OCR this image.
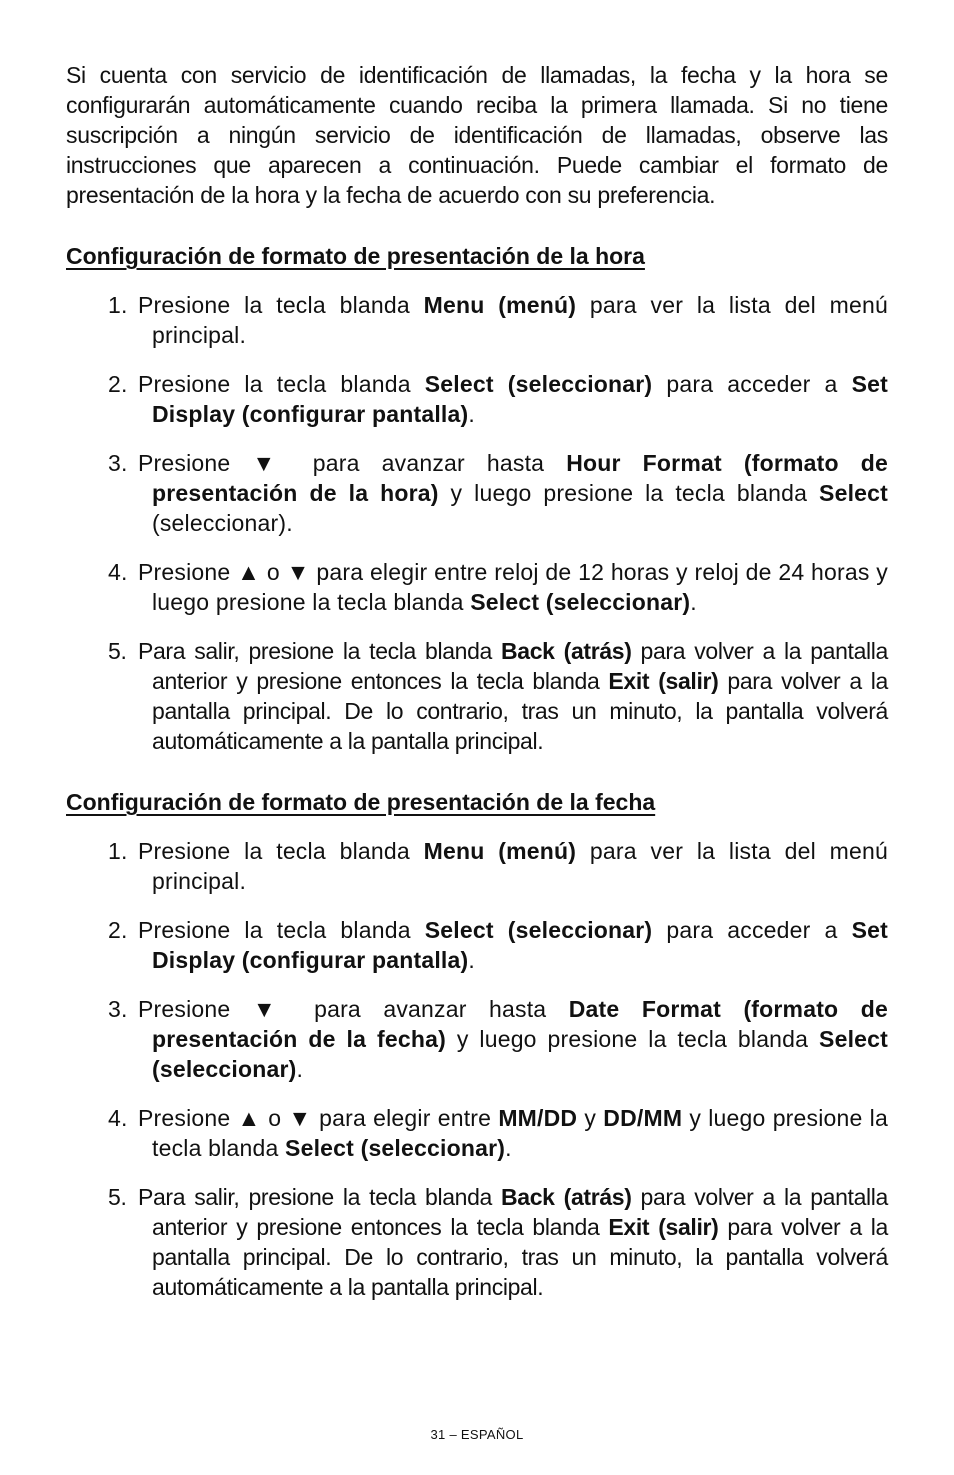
Si cuenta con servicio de identificación de llamadas, la fecha y la hora se configurarán automáticamente cuando reciba la primera llamada. Si no tiene suscripción a ningún servicio de identificación de llamadas, observe las instrucciones que aparecen a continuación. Puede cambiar el formato de presentación de la hora y la fecha de acuerdo con su preferencia.

Configuración de formato de presentación de la hora
1. Presione la tecla blanda Menu (menú) para ver la lista del menú principal.
2. Presione la tecla blanda Select (seleccionar) para acceder a Set Display (configurar pantalla).
3. Presione ▼ para avanzar hasta Hour Format (formato de presentación de la hora) y luego presione la tecla blanda Select (seleccionar).
4. Presione ▲ o ▼ para elegir entre reloj de 12 horas y reloj de 24 horas y luego presione la tecla blanda Select (seleccionar).
5. Para salir, presione la tecla blanda Back (atrás) para volver a la pantalla anterior y presione entonces la tecla blanda Exit (salir) para volver a la pantalla principal. De lo contrario, tras un minuto, la pantalla volverá automáticamente a la pantalla principal.
Configuración de formato de presentación de la fecha
1. Presione la tecla blanda Menu (menú) para ver la lista del menú principal.
2. Presione la tecla blanda Select (seleccionar) para acceder a Set Display (configurar pantalla).
3. Presione ▼ para avanzar hasta Date Format (formato de presentación de la fecha) y luego presione la tecla blanda Select (seleccionar).
4. Presione ▲ o ▼ para elegir entre MM/DD y DD/MM y luego presione la tecla blanda Select (seleccionar).
5. Para salir, presione la tecla blanda Back (atrás) para volver a la pantalla anterior y presione entonces la tecla blanda Exit (salir) para volver a la pantalla principal. De lo contrario, tras un minuto, la pantalla volverá automáticamente a la pantalla principal.
31 – ESPAÑOL
